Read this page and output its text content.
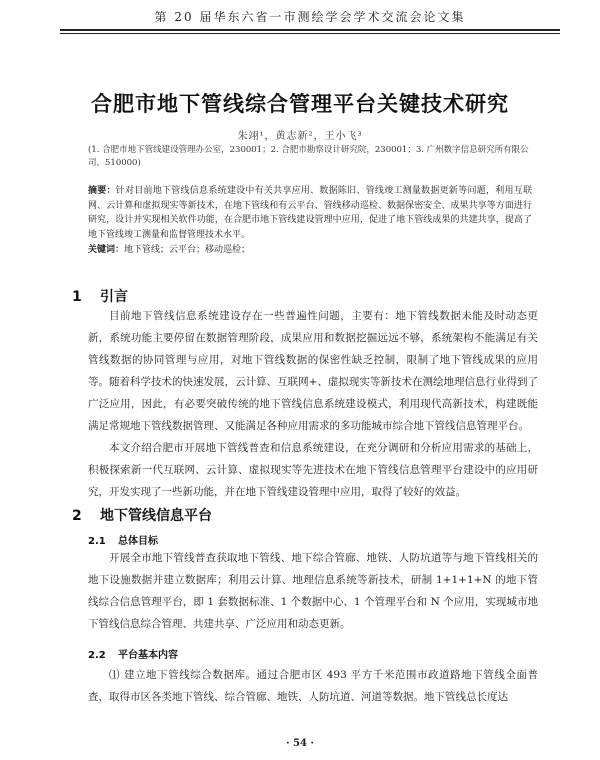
第 20 届华东六省一市测绘学会学术交流会论文集
合肥市地下管线综合管理平台关键技术研究
朱翊¹，黄志新²，王小飞³
(1. 合肥市地下管线建设管理办公室，230001；2. 合肥市勘察设计研究院，230001；3. 广州数字信息研究所有限公司，510000)
摘要：针对目前地下管线信息系统建设中有关共享应用、数据陈旧、管线竣工测量数据更新等问题，利用互联网、云计算和虚拟现实等新技术，在地下管线和有云平台、管线移动巡检、数据保密安全、成果共享等方面进行研究，设计并实现相关软件功能，在合肥市地下管线建设管理中应用，促进了地下管线成果的共建共享，提高了地下管线竣工测量和监督管理技术水平。
关键词：地下管线；云平台；移动巡检；
1 引言
目前地下管线信息系统建设存在一些普遍性问题，主要有：地下管线数据未能及时动态更新，系统功能主要停留在数据管理阶段，成果应用和数据挖掘远远不够，系统架构不能满足有关管线数据的协同管理与应用，对地下管线数据的保密性缺乏控制，限制了地下管线成果的应用等。随着科学技术的快速发展，云计算、互联网+、虚拟现实等新技术在测绘地理信息行业得到了广泛应用，因此，有必要突破传统的地下管线信息系统建设模式，利用现代高新技术，构建既能满足常规地下管线数据管理、又能满足各种应用需求的多功能城市综合地下管线信息管理平台。
本文介绍合肥市开展地下管线普查和信息系统建设，在充分调研和分析应用需求的基础上，积极探索新一代互联网、云计算、虚拟现实等先进技术在地下管线信息管理平台建设中的应用研究，开发实现了一些新功能，并在地下管线建设管理中应用，取得了较好的效益。
2 地下管线信息平台
2.1 总体目标
开展全市地下管线普查获取地下管线、地下综合管廊、地铁、人防坑道等与地下管线相关的地下设施数据并建立数据库；利用云计算、地理信息系统等新技术，研制 1+1+1+N 的地下管线综合信息管理平台，即 1 套数据标准、1 个数据中心、1 个管理平台和 N 个应用，实现城市地下管线信息综合管理、共建共享、广泛应用和动态更新。
2.2 平台基本内容
⑴ 建立地下管线综合数据库。通过合肥市区 493 平方千米范围市政道路地下管线全面普查，取得市区各类地下管线、综合管廊、地铁、人防坑道、河道等数据。地下管线总长度达
· 54 ·
